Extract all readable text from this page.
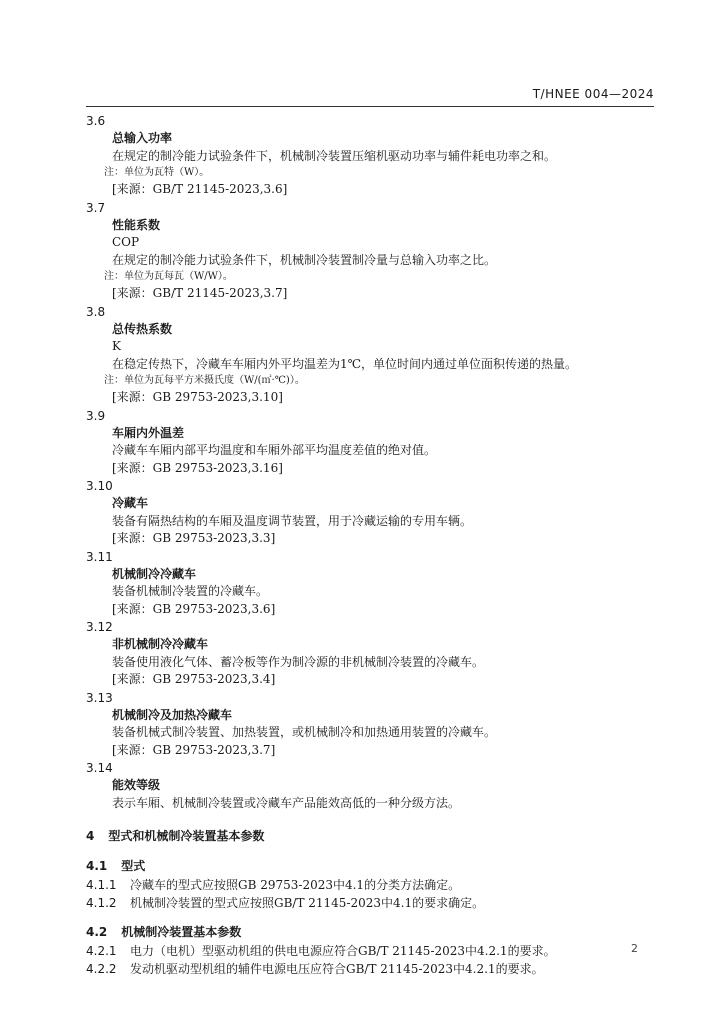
T/HNEE 004—2024
3.6
总输入功率
在规定的制冷能力试验条件下，机械制冷装置压缩机驱动功率与辅件耗电功率之和。
注：单位为瓦特（W）。
[来源：GB/T 21145-2023,3.6]
3.7
性能系数
COP
在规定的制冷能力试验条件下，机械制冷装置制冷量与总输入功率之比。
注：单位为瓦每瓦（W/W）。
[来源：GB/T 21145-2023,3.7]
3.8
总传热系数
K
在稳定传热下，冷藏车车厢内外平均温差为1℃，单位时间内通过单位面积传递的热量。
注：单位为瓦每平方米摄氏度（W/(㎡·℃)）。
[来源：GB 29753-2023,3.10]
3.9
车厢内外温差
冷藏车车厢内部平均温度和车厢外部平均温度差值的绝对值。
[来源：GB 29753-2023,3.16]
3.10
冷藏车
装备有隔热结构的车厢及温度调节装置，用于冷藏运输的专用车辆。
[来源：GB 29753-2023,3.3]
3.11
机械制冷冷藏车
装备机械制冷装置的冷藏车。
[来源：GB 29753-2023,3.6]
3.12
非机械制冷冷藏车
装备使用液化气体、蓄冷板等作为制冷源的非机械制冷装置的冷藏车。
[来源：GB 29753-2023,3.4]
3.13
机械制冷及加热冷藏车
装备机械式制冷装置、加热装置，或机械制冷和加热通用装置的冷藏车。
[来源：GB 29753-2023,3.7]
3.14
能效等级
表示车厢、机械制冷装置或冷藏车产品能效高低的一种分级方法。
4 型式和机械制冷装置基本参数
4.1 型式
4.1.1 冷藏车的型式应按照GB 29753-2023中4.1的分类方法确定。
4.1.2 机械制冷装置的型式应按照GB/T 21145-2023中4.1的要求确定。
4.2 机械制冷装置基本参数
4.2.1 电力（电机）型驱动机组的供电电源应符合GB/T 21145-2023中4.2.1的要求。
4.2.2 发动机驱动型机组的辅件电源电压应符合GB/T 21145-2023中4.2.1的要求。
2
